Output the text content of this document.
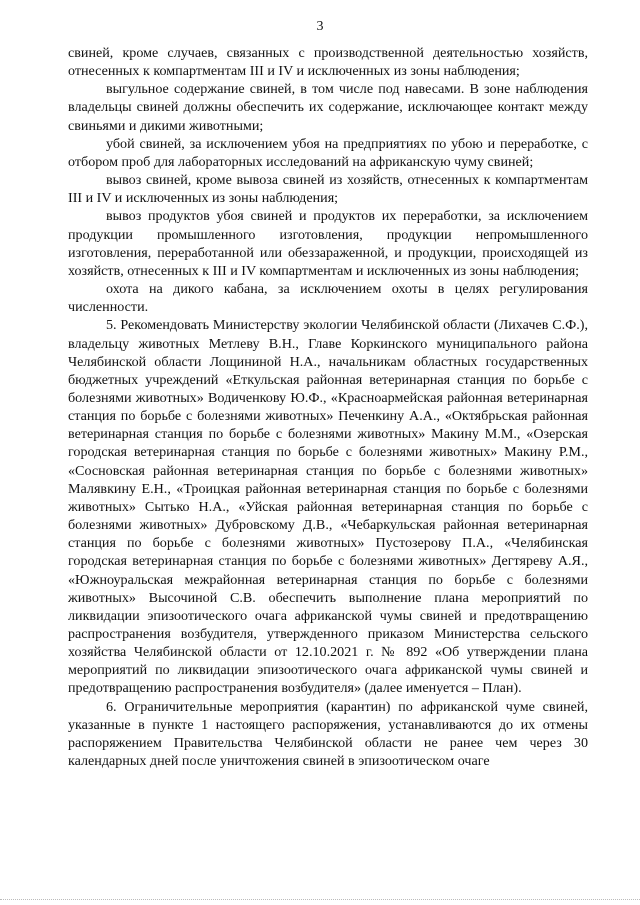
3

свиней, кроме случаев, связанных с производственной деятельностью хозяйств, отнесенных к компартментам III и IV и исключенных из зоны наблюдения;

выгульное содержание свиней, в том числе под навесами. В зоне наблюдения владельцы свиней должны обеспечить их содержание, исключающее контакт между свиньями и дикими животными;

убой свиней, за исключением убоя на предприятиях по убою и переработке, с отбором проб для лабораторных исследований на африканскую чуму свиней;

вывоз свиней, кроме вывоза свиней из хозяйств, отнесенных к компартментам III и IV и исключенных из зоны наблюдения;

вывоз продуктов убоя свиней и продуктов их переработки, за исключением продукции промышленного изготовления, продукции непромышленного изготовления, переработанной или обеззараженной, и продукции, происходящей из хозяйств, отнесенных к III и IV компартментам и исключенных из зоны наблюдения;

охота на дикого кабана, за исключением охоты в целях регулирования численности.

5. Рекомендовать Министерству экологии Челябинской области (Лихачев С.Ф.), владельцу животных Метлеву В.Н., Главе Коркинского муниципального района Челябинской области Лощининой Н.А., начальникам областных государственных бюджетных учреждений «Еткульская районная ветеринарная станция по борьбе с болезнями животных» Водиченкову Ю.Ф., «Красноармейская районная ветеринарная станция по борьбе с болезнями животных» Печенкину А.А., «Октябрьская районная ветеринарная станция по борьбе с болезнями животных» Макину М.М., «Озерская городская ветеринарная станция по борьбе с болезнями животных» Макину Р.М., «Сосновская районная ветеринарная станция по борьбе с болезнями животных» Малявкину Е.Н., «Троицкая районная ветеринарная станция по борьбе с болезнями животных» Сытько Н.А., «Уйская районная ветеринарная станция по борьбе с болезнями животных» Дубровскому Д.В., «Чебаркульская районная ветеринарная станция по борьбе с болезнями животных» Пустозерову П.А., «Челябинская городская ветеринарная станция по борьбе с болезнями животных» Дегтяреву А.Я., «Южноуральская межрайонная ветеринарная станция по борьбе с болезнями животных» Высочиной С.В. обеспечить выполнение плана мероприятий по ликвидации эпизоотического очага африканской чумы свиней и предотвращению распространения возбудителя, утвержденного приказом Министерства сельского хозяйства Челябинской области от 12.10.2021 г. № 892 «Об утверждении плана мероприятий по ликвидации эпизоотического очага африканской чумы свиней и предотвращению распространения возбудителя» (далее именуется – План).

6. Ограничительные мероприятия (карантин) по африканской чуме свиней, указанные в пункте 1 настоящего распоряжения, устанавливаются до их отмены распоряжением Правительства Челябинской области не ранее чем через 30 календарных дней после уничтожения свиней в эпизоотическом очаге
